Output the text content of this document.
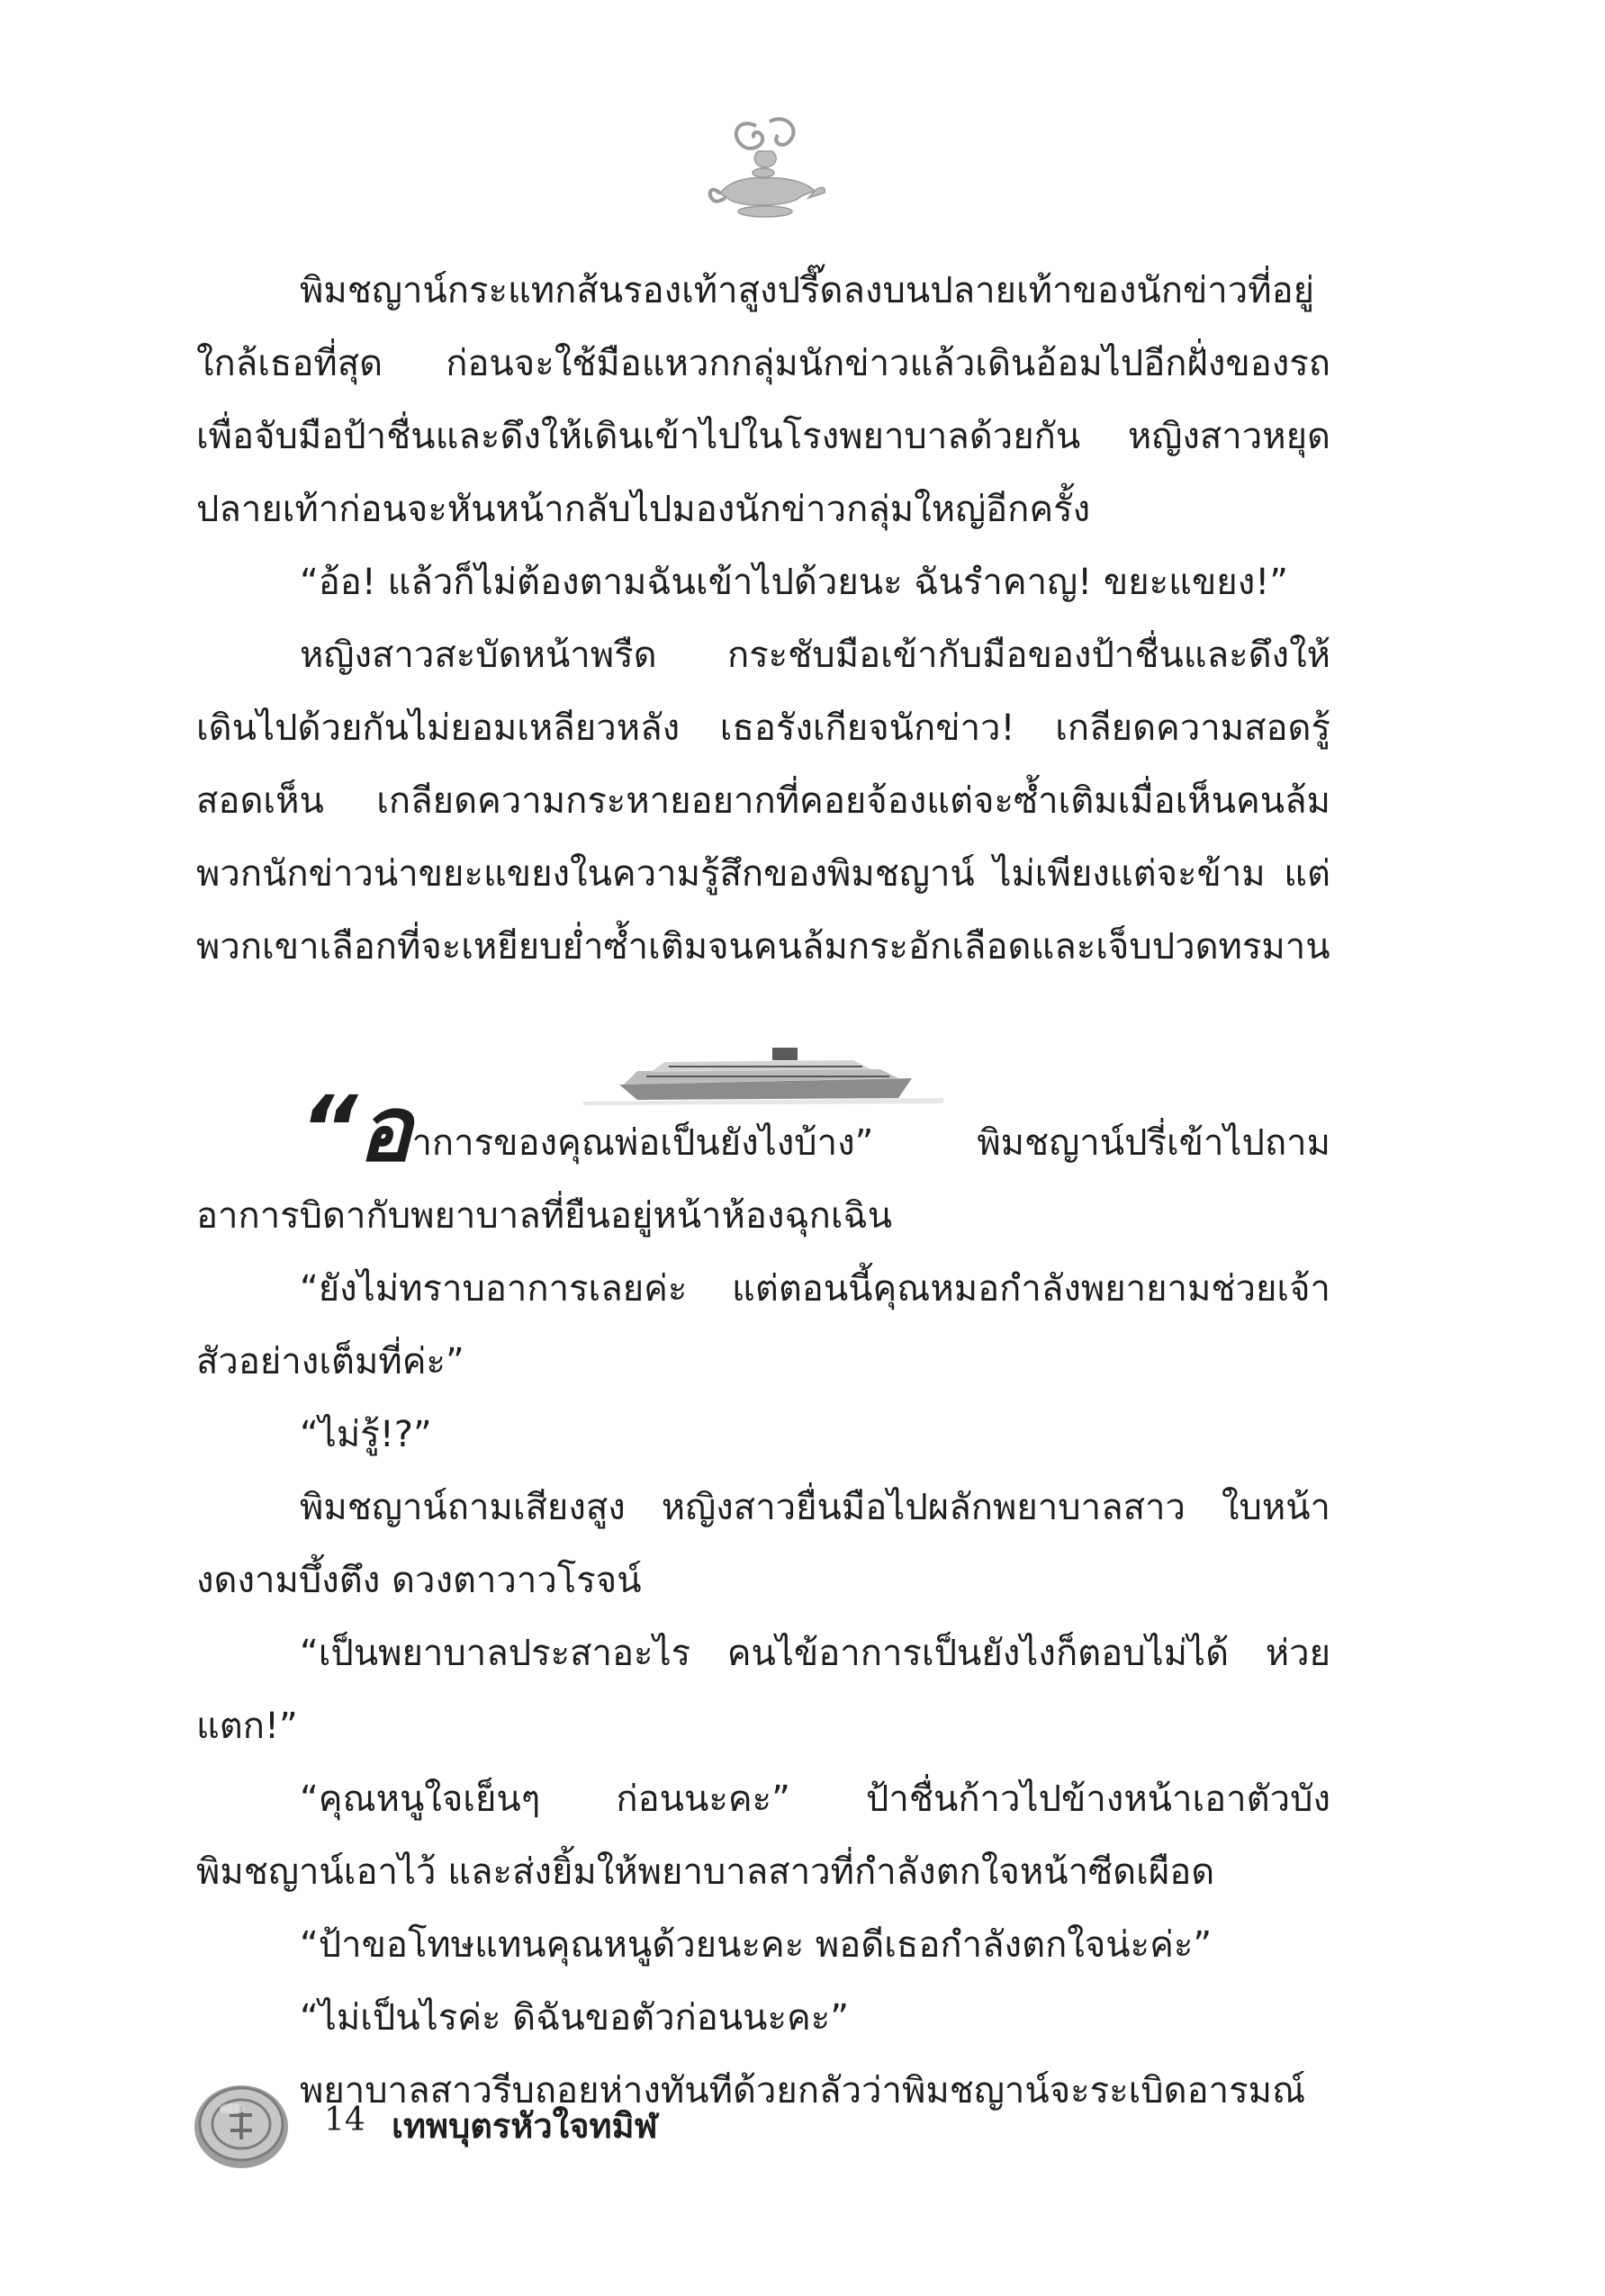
พิมชญาน์กระแทกส้นรองเท้าสูงปรี๊ดลงบนปลายเท้าของนักข่าวที่อยู่ใกล้เธอที่สุด ก่อนจะใช้มือแหวกกลุ่มนักข่าวแล้วเดินอ้อมไปอีกฝั่งของรถเพื่อจับมือป้าชื่นและดึงให้เดินเข้าไปในโรงพยาบาลด้วยกัน หญิงสาวหยุดปลายเท้าก่อนจะหันหน้ากลับไปมองนักข่าวกลุ่มใหญ่อีกครั้ง

“อ้อ! แล้วก็ไม่ต้องตามฉันเข้าไปด้วยนะ ฉันรำคาญ! ขยะแขยง!”

หญิงสาวสะบัดหน้าพรืด กระชับมือเข้ากับมือของป้าชื่นและดึงให้เดินไปด้วยกันไม่ยอมเหลียวหลัง เธอรังเกียจนักข่าว! เกลียดความสอดรู้สอดเห็น เกลียดความกระหายอยากที่คอยจ้องแต่จะซ้ำเติมเมื่อเห็นคนล้ม พวกนักข่าวน่าขยะแขยงในความรู้สึกของพิมชญาน์ ไม่เพียงแต่จะข้าม แต่พวกเขาเลือกที่จะเหยียบย่ำซ้ำเติมจนคนล้มกระอักเลือดและเจ็บปวดทรมาน

“อาการของคุณพ่อเป็นยังไงบ้าง” พิมชญาน์ปรี่เข้าไปถามอาการบิดากับพยาบาลที่ยืนอยู่หน้าห้องฉุกเฉิน

“ยังไม่ทราบอาการเลยค่ะ แต่ตอนนี้คุณหมอกำลังพยายามช่วยเจ้าสัวอย่างเต็มที่ค่ะ”

“ไม่รู้!?”

พิมชญาน์ถามเสียงสูง หญิงสาวยื่นมือไปผลักพยาบาลสาว ใบหน้างดงามบึ้งตึง ดวงตาวาวโรจน์

“เป็นพยาบาลประสาอะไร คนไข้อาการเป็นยังไงก็ตอบไม่ได้ ห่วยแตก!”

“คุณหนูใจเย็นๆ ก่อนนะคะ” ป้าชื่นก้าวไปข้างหน้าเอาตัวบังพิมชญาน์เอาไว้ และส่งยิ้มให้พยาบาลสาวที่กำลังตกใจหน้าซีดเผือด

“ป้าขอโทษแทนคุณหนูด้วยนะคะ พอดีเธอกำลังตกใจน่ะค่ะ”

“ไม่เป็นไรค่ะ ดิฉันขอตัวก่อนนะคะ”

พยาบาลสาวรีบถอยห่างทันทีด้วยกลัวว่าพิมชญาน์จะระเบิดอารมณ์

14 เทพบุตรหัวใจทมิฬ
